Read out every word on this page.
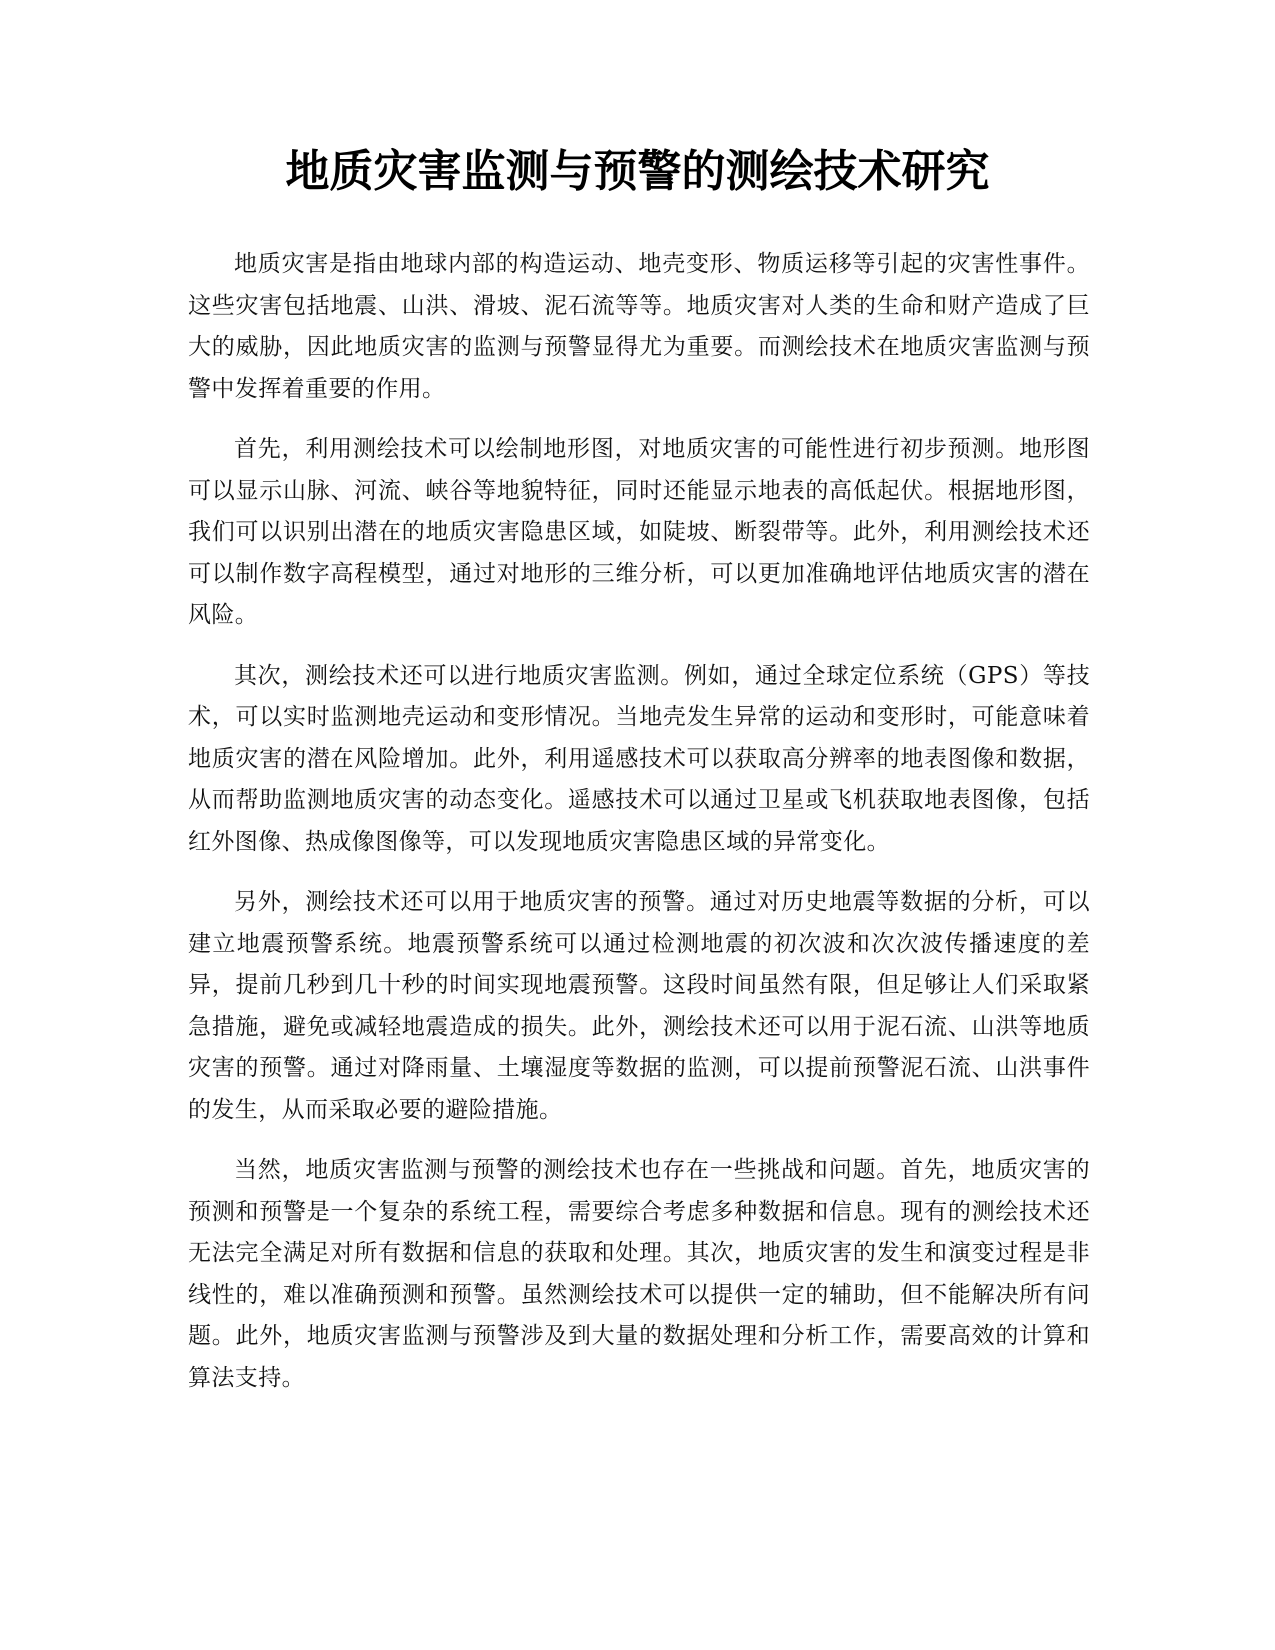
地质灾害监测与预警的测绘技术研究

地质灾害是指由地球内部的构造运动、地壳变形、物质运移等引起的灾害性事件。这些灾害包括地震、山洪、滑坡、泥石流等等。地质灾害对人类的生命和财产造成了巨大的威胁，因此地质灾害的监测与预警显得尤为重要。而测绘技术在地质灾害监测与预警中发挥着重要的作用。

首先，利用测绘技术可以绘制地形图，对地质灾害的可能性进行初步预测。地形图可以显示山脉、河流、峡谷等地貌特征，同时还能显示地表的高低起伏。根据地形图，我们可以识别出潜在的地质灾害隐患区域，如陡坡、断裂带等。此外，利用测绘技术还可以制作数字高程模型，通过对地形的三维分析，可以更加准确地评估地质灾害的潜在风险。

其次，测绘技术还可以进行地质灾害监测。例如，通过全球定位系统（GPS）等技术，可以实时监测地壳运动和变形情况。当地壳发生异常的运动和变形时，可能意味着地质灾害的潜在风险增加。此外，利用遥感技术可以获取高分辨率的地表图像和数据，从而帮助监测地质灾害的动态变化。遥感技术可以通过卫星或飞机获取地表图像，包括红外图像、热成像图像等，可以发现地质灾害隐患区域的异常变化。

另外，测绘技术还可以用于地质灾害的预警。通过对历史地震等数据的分析，可以建立地震预警系统。地震预警系统可以通过检测地震的初次波和次次波传播速度的差异，提前几秒到几十秒的时间实现地震预警。这段时间虽然有限，但足够让人们采取紧急措施，避免或减轻地震造成的损失。此外，测绘技术还可以用于泥石流、山洪等地质灾害的预警。通过对降雨量、土壤湿度等数据的监测，可以提前预警泥石流、山洪事件的发生，从而采取必要的避险措施。

当然，地质灾害监测与预警的测绘技术也存在一些挑战和问题。首先，地质灾害的预测和预警是一个复杂的系统工程，需要综合考虑多种数据和信息。现有的测绘技术还无法完全满足对所有数据和信息的获取和处理。其次，地质灾害的发生和演变过程是非线性的，难以准确预测和预警。虽然测绘技术可以提供一定的辅助，但不能解决所有问题。此外，地质灾害监测与预警涉及到大量的数据处理和分析工作，需要高效的计算和算法支持。
